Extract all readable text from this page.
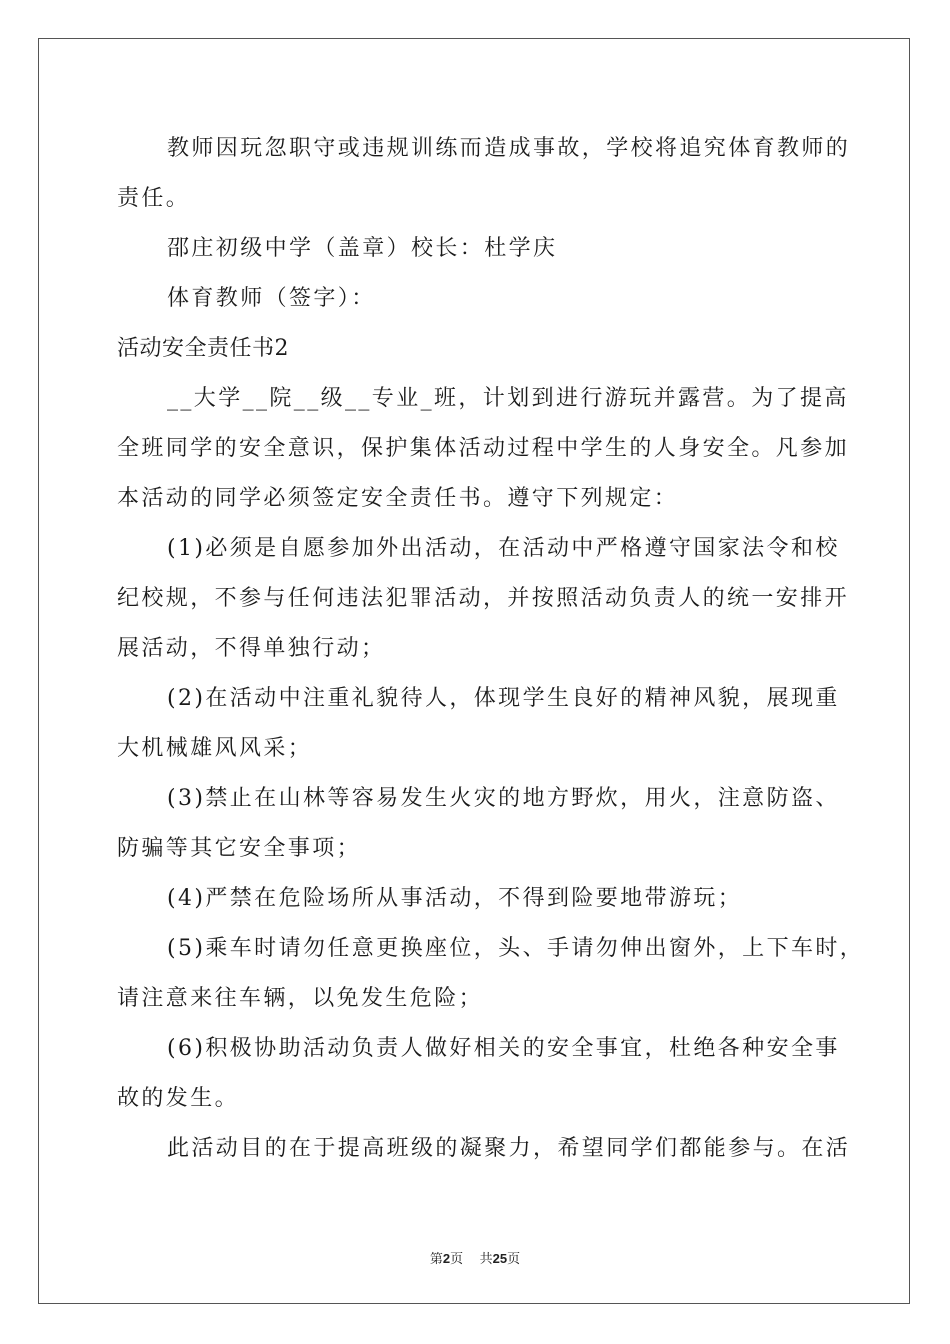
教师因玩忽职守或违规训练而造成事故，学校将追究体育教师的
责任。
邵庄初级中学（盖章）校长：杜学庆
体育教师（签字）：
活动安全责任书2
__大学__院__级__专业_班，计划到进行游玩并露营。为了提高
全班同学的安全意识，保护集体活动过程中学生的人身安全。凡参加
本活动的同学必须签定安全责任书。遵守下列规定：
(1)必须是自愿参加外出活动，在活动中严格遵守国家法令和校
纪校规，不参与任何违法犯罪活动，并按照活动负责人的统一安排开
展活动，不得单独行动；
(2)在活动中注重礼貌待人，体现学生良好的精神风貌，展现重
大机械雄风风采；
(3)禁止在山林等容易发生火灾的地方野炊，用火，注意防盗、
防骗等其它安全事项；
(4)严禁在危险场所从事活动，不得到险要地带游玩；
(5)乘车时请勿任意更换座位，头、手请勿伸出窗外，上下车时，
请注意来往车辆，以免发生危险；
(6)积极协助活动负责人做好相关的安全事宜，杜绝各种安全事
故的发生。
此活动目的在于提高班级的凝聚力，希望同学们都能参与。在活
第2页 共25页
